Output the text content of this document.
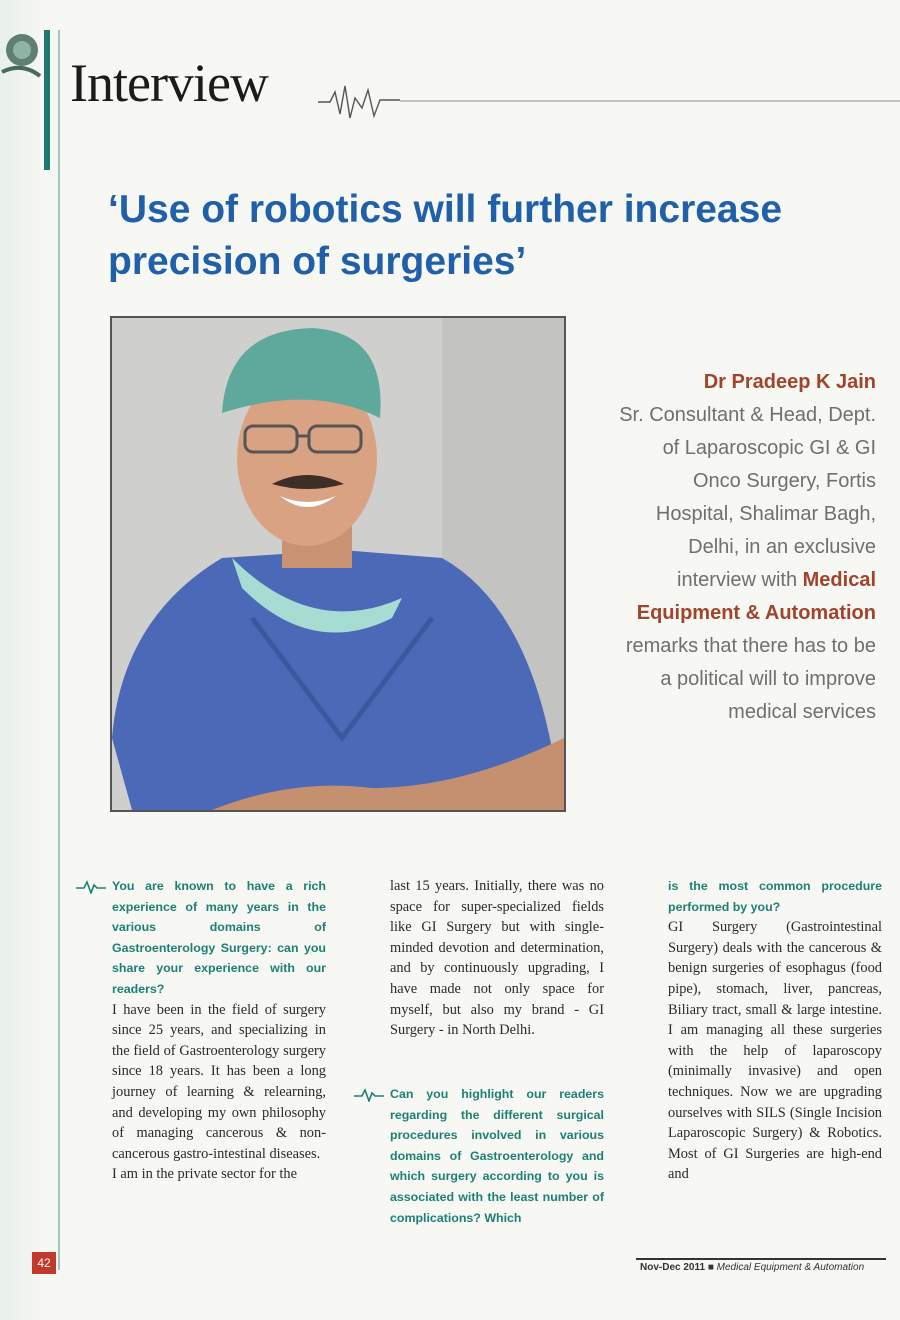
Interview
‘Use of robotics will further increase precision of surgeries’
Dr Pradeep K Jain
Sr. Consultant & Head, Dept. of Laparoscopic GI & GI Onco Surgery, Fortis Hospital, Shalimar Bagh, Delhi, in an exclusive interview with Medical Equipment & Automation remarks that there has to be a political will to improve medical services
You are known to have a rich experience of many years in the various domains of Gastroenterology Surgery: can you share your experience with our readers?
I have been in the field of surgery since 25 years, and specializing in the field of Gastroenterology surgery since 18 years. It has been a long journey of learning & relearning, and developing my own philosophy of managing cancerous & non-cancerous gastro-intestinal diseases.
I am in the private sector for the
last 15 years. Initially, there was no space for super-specialized fields like GI Surgery but with single-minded devotion and determination, and by continuously upgrading, I have made not only space for myself, but also my brand - GI Surgery - in North Delhi.
Can you highlight our readers regarding the different surgical procedures involved in various domains of Gastroenterology and which surgery according to you is associated with the least number of complications? Which
is the most common procedure performed by you?
GI Surgery (Gastrointestinal Surgery) deals with the cancerous & benign surgeries of esophagus (food pipe), stomach, liver, pancreas, Biliary tract, small & large intestine. I am managing all these surgeries with the help of laparoscopy (minimally invasive) and open techniques. Now we are upgrading ourselves with SILS (Single Incision Laparoscopic Surgery) & Robotics. Most of GI Surgeries are high-end and
42	Nov-Dec 2011 ■ Medical Equipment & Automation
